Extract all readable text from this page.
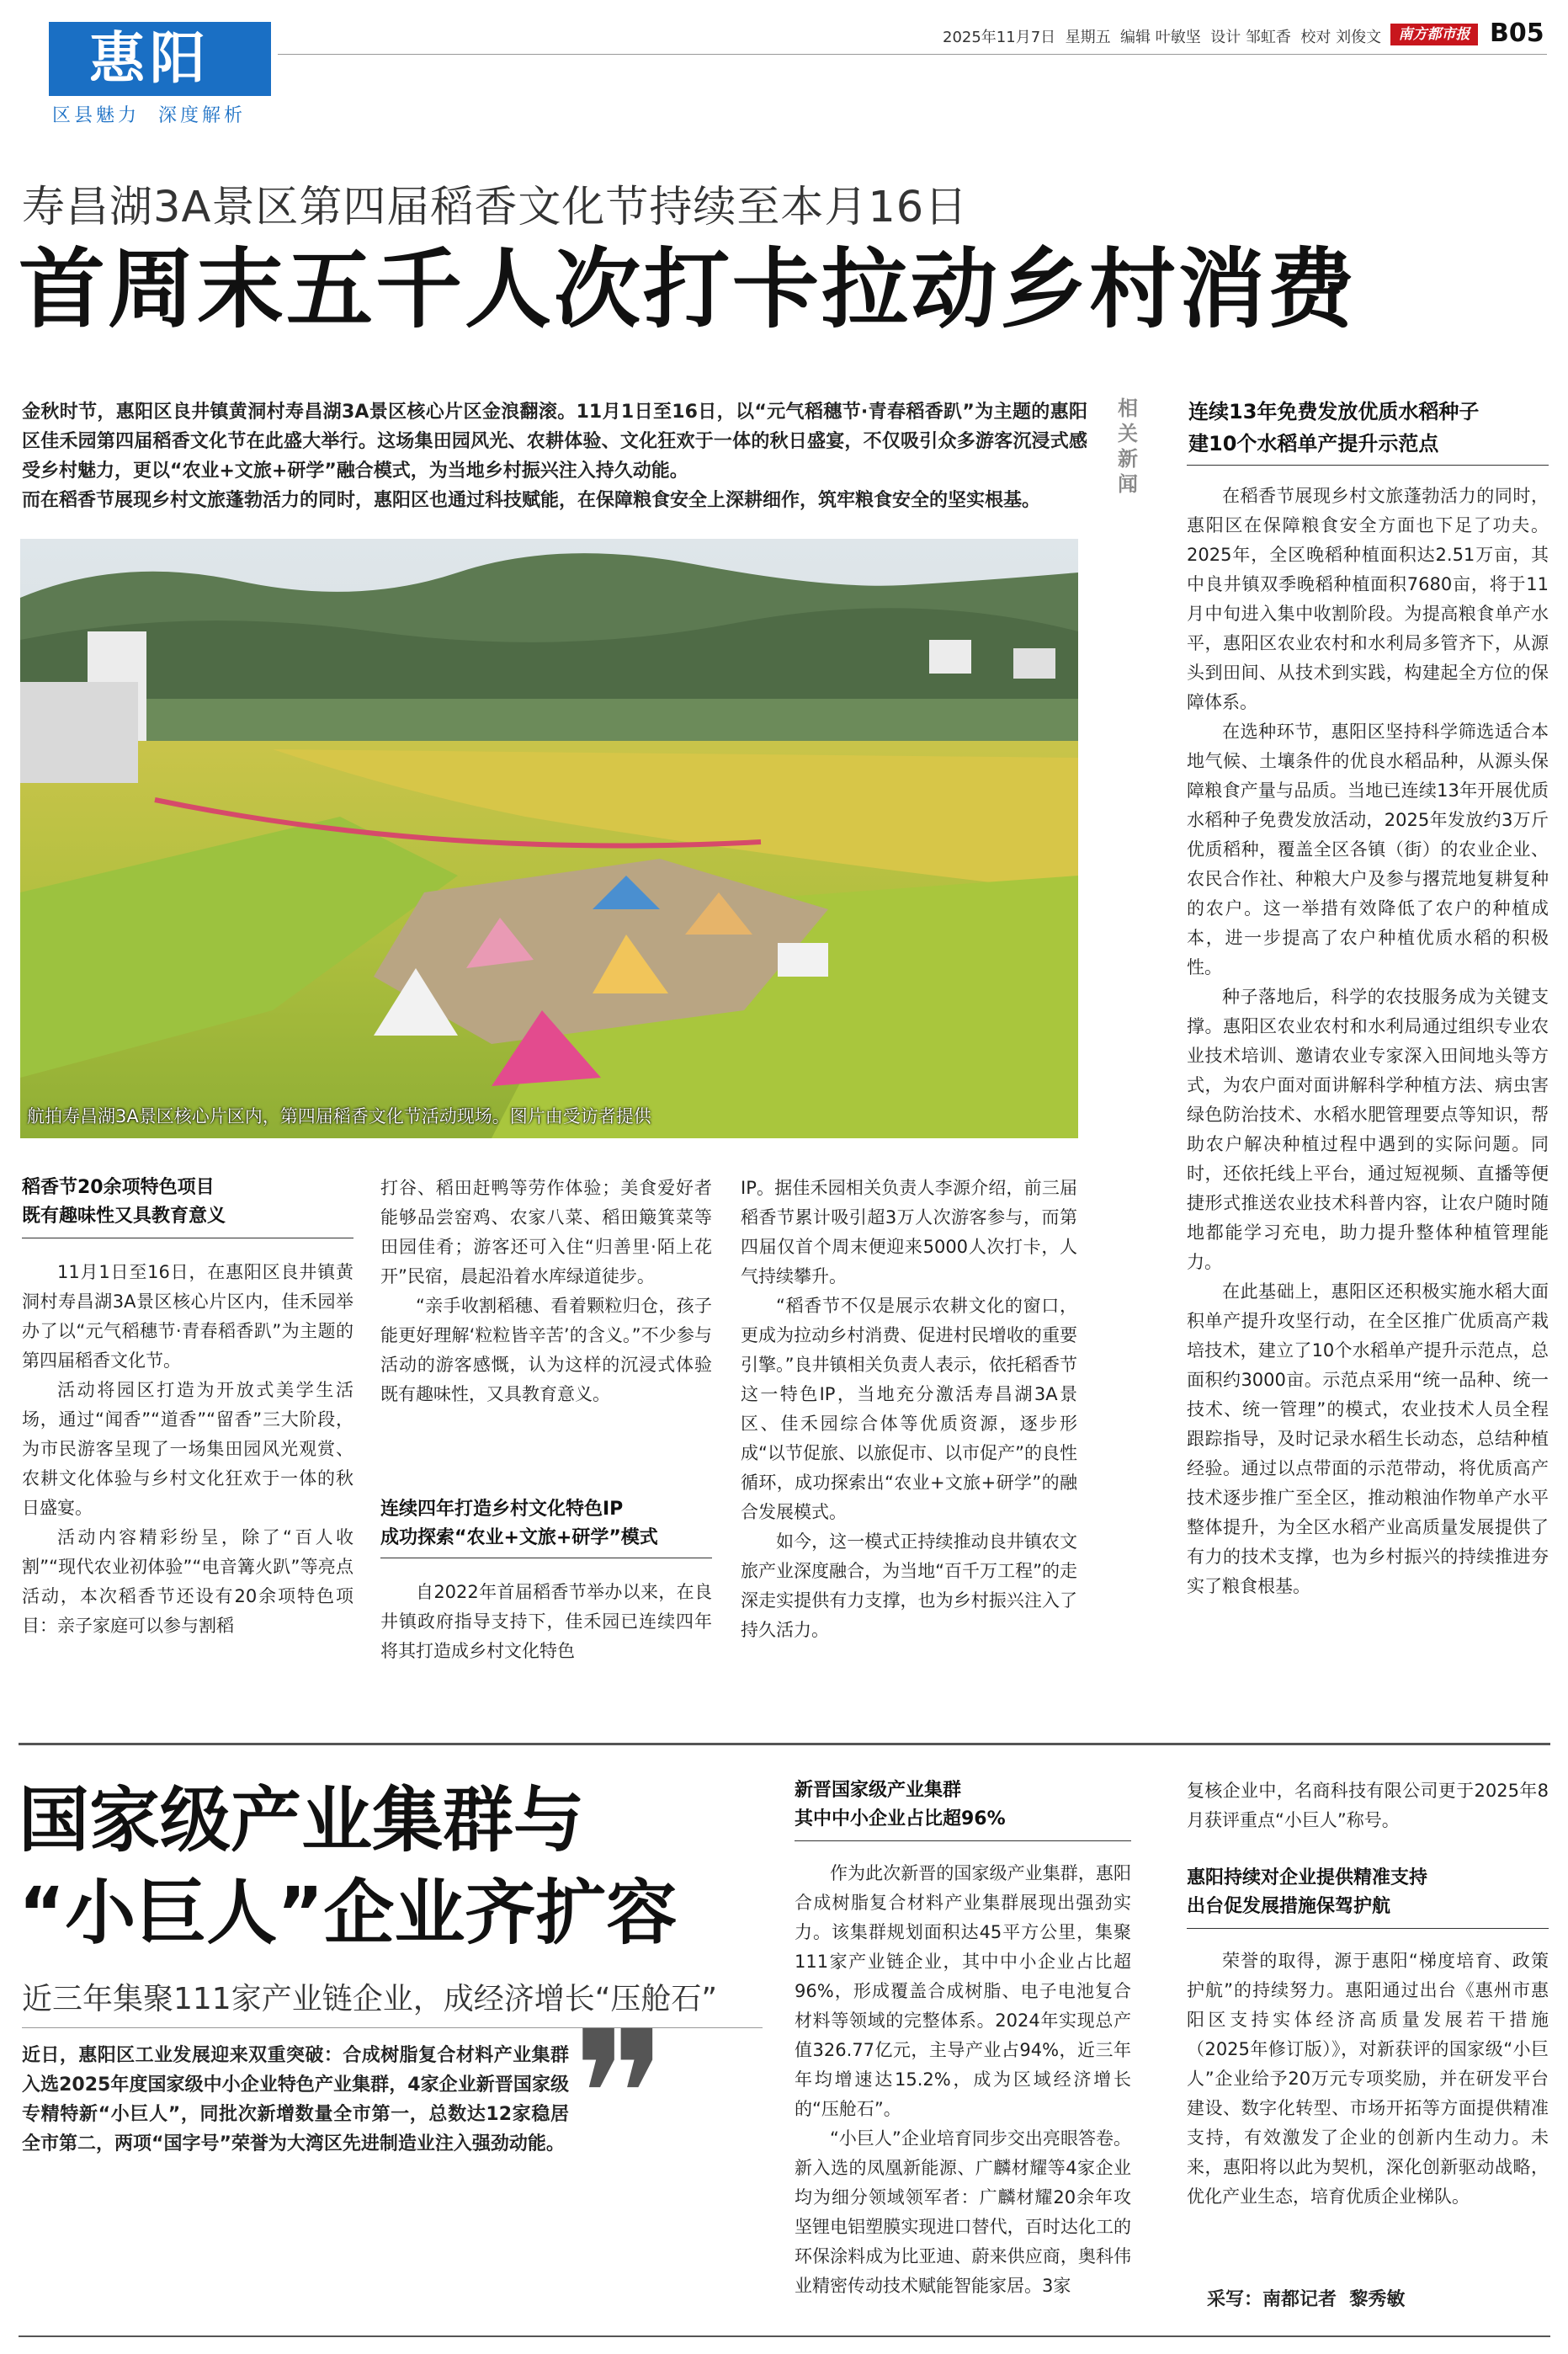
惠阳
区县魅力  深度解析
2025年11月7日  星期五  编辑 叶敏坚  设计 邹虹香  校对 刘俊文	南方都市报 B05
寿昌湖3A景区第四届稻香文化节持续至本月16日
首周末五千人次打卡拉动乡村消费

金秋时节，惠阳区良井镇黄洞村寿昌湖3A景区核心片区金浪翻滚。11月1日至16日，以“元气稻穗节·青春稻香趴”为主题的惠阳区佳禾园第四届稻香文化节在此盛大举行。这场集田园风光、农耕体验、文化狂欢于一体的秋日盛宴，不仅吸引众多游客沉浸式感受乡村魅力，更以“农业+文旅+研学”融合模式，为当地乡村振兴注入持久动能。

而在稻香节展现乡村文旅蓬勃活力的同时，惠阳区也通过科技赋能，在保障粮食安全上深耕细作，筑牢粮食安全的坚实根基。

航拍寿昌湖3A景区核心片区内，第四届稻香文化节活动现场。图片由受访者提供
稻香节20余项特色项目
既有趣味性又具教育意义

11月1日至16日，在惠阳区良井镇黄洞村寿昌湖3A景区核心片区内，佳禾园举办了以“元气稻穗节·青春稻香趴”为主题的第四届稻香文化节。

活动将园区打造为开放式美学生活场，通过“闻香”“道香”“留香”三大阶段，为市民游客呈现了一场集田园风光观赏、农耕文化体验与乡村文化狂欢于一体的秋日盛宴。

活动内容精彩纷呈，除了“百人收割”“现代农业初体验”“电音篝火趴”等亮点活动，本次稻香节还设有20余项特色项目：亲子家庭可以参与割稻

打谷、稻田赶鸭等劳作体验；美食爱好者能够品尝窑鸡、农家八菜、稻田簸箕菜等田园佳肴；游客还可入住“归善里·陌上花开”民宿，晨起沿着水库绿道徒步。

“亲手收割稻穗、看着颗粒归仓，孩子能更好理解‘粒粒皆辛苦’的含义。”不少参与活动的游客感慨，认为这样的沉浸式体验既有趣味性，又具教育意义。

连续四年打造乡村文化特色IP
成功探索“农业+文旅+研学”模式

自2022年首届稻香节举办以来，在良井镇政府指导支持下，佳禾园已连续四年将其打造成乡村文化特色

IP。据佳禾园相关负责人李源介绍，前三届稻香节累计吸引超3万人次游客参与，而第四届仅首个周末便迎来5000人次打卡，人气持续攀升。

“稻香节不仅是展示农耕文化的窗口，更成为拉动乡村消费、促进村民增收的重要引擎。”良井镇相关负责人表示，依托稻香节这一特色IP，当地充分激活寿昌湖3A景区、佳禾园综合体等优质资源，逐步形成“以节促旅、以旅促市、以市促产”的良性循环，成功探索出“农业+文旅+研学”的融合发展模式。

如今，这一模式正持续推动良井镇农文旅产业深度融合，为当地“百千万工程”的走深走实提供有力支撑，也为乡村振兴注入了持久活力。

相关新闻
连续13年免费发放优质水稻种子
建10个水稻单产提升示范点

在稻香节展现乡村文旅蓬勃活力的同时，惠阳区在保障粮食安全方面也下足了功夫。2025年，全区晚稻种植面积达2.51万亩，其中良井镇双季晚稻种植面积7680亩，将于11月中旬进入集中收割阶段。为提高粮食单产水平，惠阳区农业农村和水利局多管齐下，从源头到田间、从技术到实践，构建起全方位的保障体系。

在选种环节，惠阳区坚持科学筛选适合本地气候、土壤条件的优良水稻品种，从源头保障粮食产量与品质。当地已连续13年开展优质水稻种子免费发放活动，2025年发放约3万斤优质稻种，覆盖全区各镇（街）的农业企业、农民合作社、种粮大户及参与撂荒地复耕复种的农户。这一举措有效降低了农户的种植成本，进一步提高了农户种植优质水稻的积极性。

种子落地后，科学的农技服务成为关键支撑。惠阳区农业农村和水利局通过组织专业农业技术培训、邀请农业专家深入田间地头等方式，为农户面对面讲解科学种植方法、病虫害绿色防治技术、水稻水肥管理要点等知识，帮助农户解决种植过程中遇到的实际问题。同时，还依托线上平台，通过短视频、直播等便捷形式推送农业技术科普内容，让农户随时随地都能学习充电，助力提升整体种植管理能力。

在此基础上，惠阳区还积极实施水稻大面积单产提升攻坚行动，在全区推广优质高产栽培技术，建立了10个水稻单产提升示范点，总面积约3000亩。示范点采用“统一品种、统一技术、统一管理”的模式，农业技术人员全程跟踪指导，及时记录水稻生长动态，总结种植经验。通过以点带面的示范带动，将优质高产技术逐步推广至全区，推动粮油作物单产水平整体提升，为全区水稻产业高质量发展提供了有力的技术支撑，也为乡村振兴的持续推进夯实了粮食根基。

国家级产业集群与
“小巨人”企业齐扩容
近三年集聚111家产业链企业，成经济增长“压舱石”
近日，惠阳区工业发展迎来双重突破：合成树脂复合材料产业集群入选2025年度国家级中小企业特色产业集群，4家企业新晋国家级专精特新“小巨人”，同批次新增数量全市第一，总数达12家稳居全市第二，两项“国字号”荣誉为大湾区先进制造业注入强劲动能。 ❞
新晋国家级产业集群
其中中小企业占比超96%

作为此次新晋的国家级产业集群，惠阳合成树脂复合材料产业集群展现出强劲实力。该集群规划面积达45平方公里，集聚111家产业链企业，其中中小企业占比超96%，形成覆盖合成树脂、电子电池复合材料等领域的完整体系。2024年实现总产值326.77亿元，主导产业占94%，近三年年均增速达15.2%，成为区域经济增长的“压舱石”。

“小巨人”企业培育同步交出亮眼答卷。新入选的凤凰新能源、广麟材耀等4家企业均为细分领域领军者：广麟材耀20余年攻坚锂电铝塑膜实现进口替代，百时达化工的环保涂料成为比亚迪、蔚来供应商，奥科伟业精密传动技术赋能智能家居。3家

复核企业中，名商科技有限公司更于2025年8月获评重点“小巨人”称号。
惠阳持续对企业提供精准支持
出台促发展措施保驾护航

荣誉的取得，源于惠阳“梯度培育、政策护航”的持续努力。惠阳通过出台《惠州市惠阳区支持实体经济高质量发展若干措施（2025年修订版）》，对新获评的国家级“小巨人”企业给予20万元专项奖励，并在研发平台建设、数字化转型、市场开拓等方面提供精准支持，有效激发了企业的创新内生动力。未来，惠阳将以此为契机，深化创新驱动战略，优化产业生态，培育优质企业梯队。

采写：南都记者  黎秀敏
